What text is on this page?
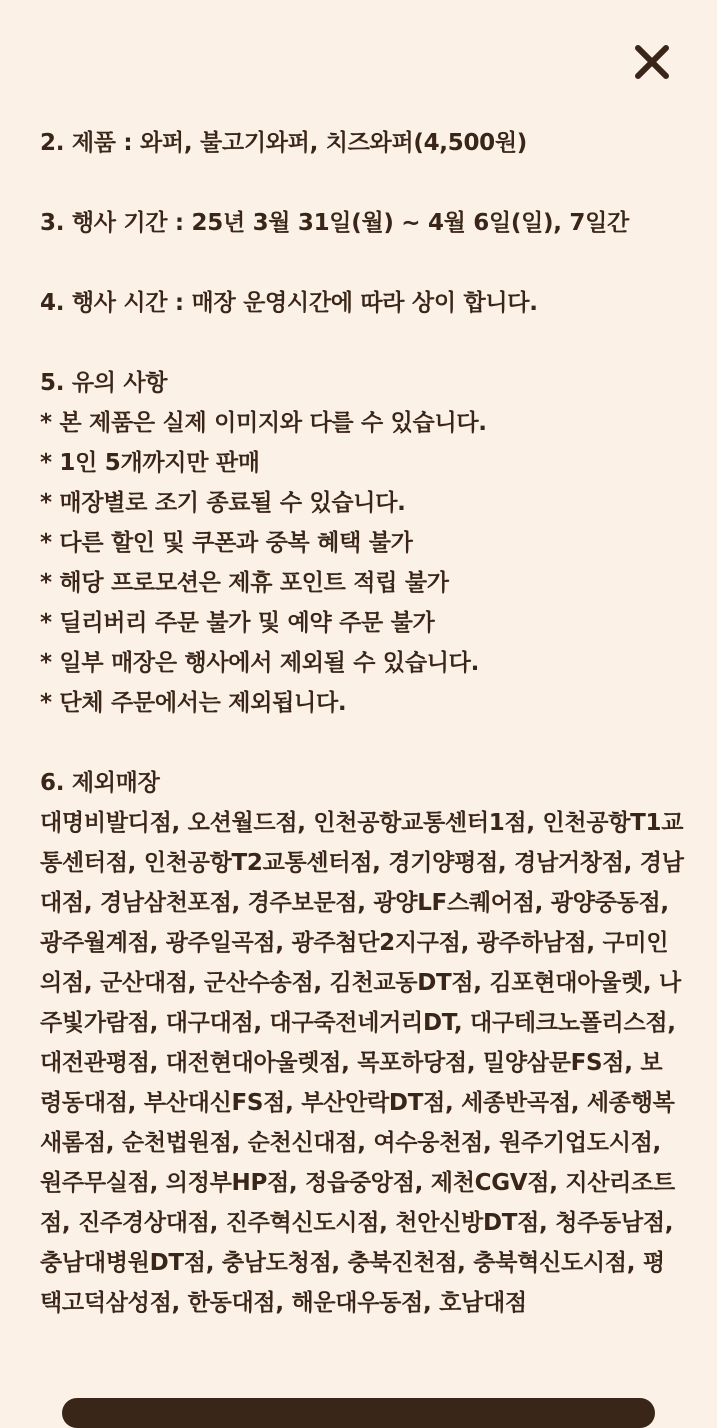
2. 제품 : 와퍼, 불고기와퍼, 치즈와퍼(4,500원)
3. 행사 기간 : 25년 3월 31일(월) ~ 4월 6일(일), 7일간
4. 행사 시간 : 매장 운영시간에 따라 상이 합니다.
5. 유의 사항
* 본 제품은 실제 이미지와 다를 수 있습니다.
* 1인 5개까지만 판매
* 매장별로 조기 종료될 수 있습니다.
* 다른 할인 및 쿠폰과 중복 혜택 불가
* 해당 프로모션은 제휴 포인트 적립 불가
* 딜리버리 주문 불가 및 예약 주문 불가
* 일부 매장은 행사에서 제외될 수 있습니다.
* 단체 주문에서는 제외됩니다.
6. 제외매장
대명비발디점, 오션월드점, 인천공항교통센터1점, 인천공항T1교통센터점, 인천공항T2교통센터점, 경기양평점, 경남거창점, 경남대점, 경남삼천포점, 경주보문점, 광양LF스퀘어점, 광양중동점, 광주월계점, 광주일곡점, 광주첨단2지구점, 광주하남점, 구미인의점, 군산대점, 군산수송점, 김천교동DT점, 김포현대아울렛, 나주빛가람점, 대구대점, 대구죽전네거리DT, 대구테크노폴리스점, 대전관평점, 대전현대아울렛점, 목포하당점, 밀양삼문FS점, 보령동대점, 부산대신FS점, 부산안락DT점, 세종반곡점, 세종행복새롬점, 순천법원점, 순천신대점, 여수웅천점, 원주기업도시점, 원주무실점, 의정부HP점, 정읍중앙점, 제천CGV점, 지산리조트점, 진주경상대점, 진주혁신도시점, 천안신방DT점, 청주동남점, 충남대병원DT점, 충남도청점, 충북진천점, 충북혁신도시점, 평택고덕삼성점, 한동대점, 해운대우동점, 호남대점
